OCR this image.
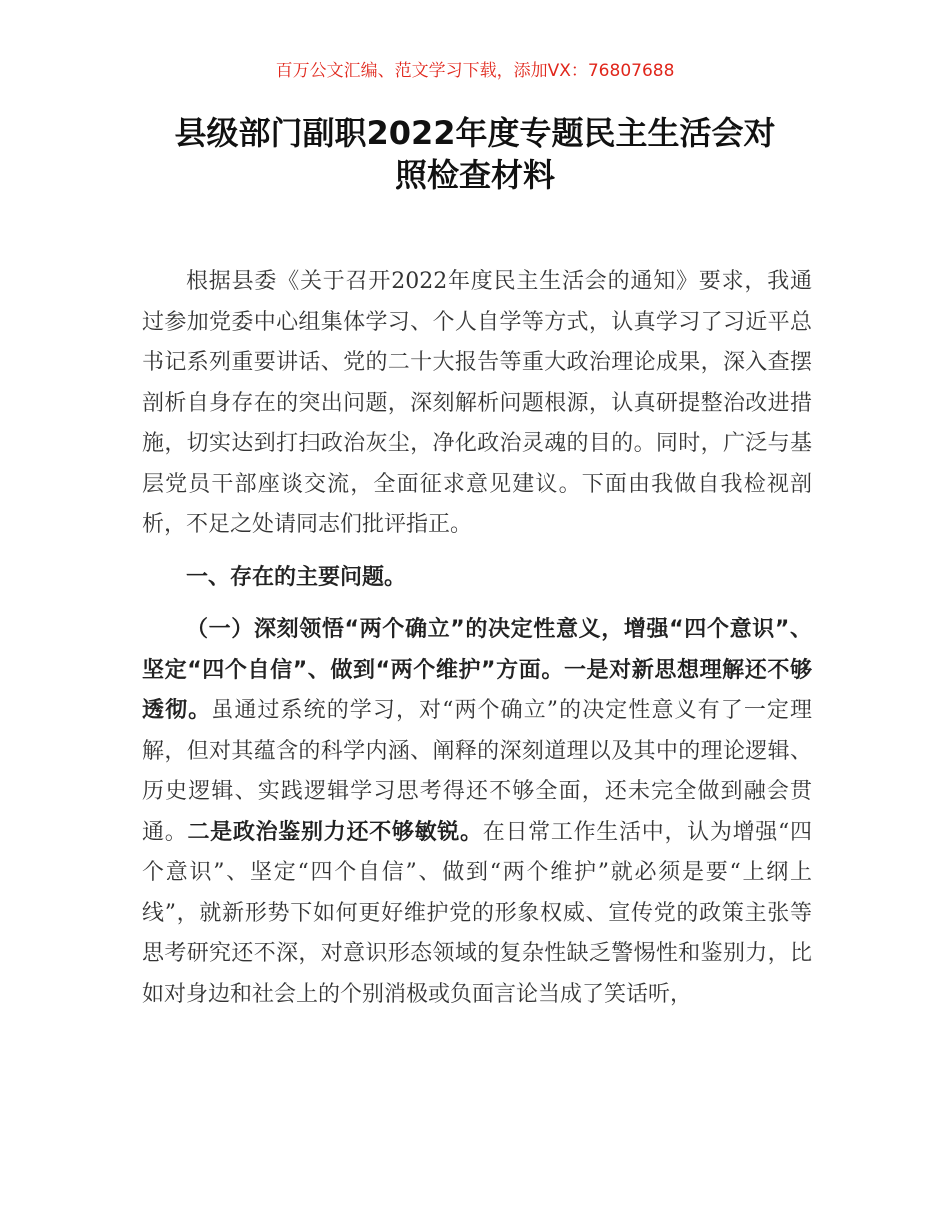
百万公文汇编、范文学习下载，添加VX：76807688
县级部门副职2022年度专题民主生活会对
照检查材料

根据县委《关于召开2022年度民主生活会的通知》要求，我通过参加党委中心组集体学习、个人自学等方式，认真学习了习近平总书记系列重要讲话、党的二十大报告等重大政治理论成果，深入查摆剖析自身存在的突出问题，深刻解析问题根源，认真研提整治改进措施，切实达到打扫政治灰尘，净化政治灵魂的目的。同时，广泛与基层党员干部座谈交流，全面征求意见建议。下面由我做自我检视剖析，不足之处请同志们批评指正。

一、存在的主要问题。

（一）深刻领悟“两个确立”的决定性意义，增强“四个意识”、坚定“四个自信”、做到“两个维护”方面。一是对新思想理解还不够透彻。虽通过系统的学习，对“两个确立”的决定性意义有了一定理解，但对其蕴含的科学内涵、阐释的深刻道理以及其中的理论逻辑、历史逻辑、实践逻辑学习思考得还不够全面，还未完全做到融会贯通。二是政治鉴别力还不够敏锐。在日常工作生活中，认为增强“四个意识”、坚定“四个自信”、做到“两个维护”就必须是要“上纲上线”，就新形势下如何更好维护党的形象权威、宣传党的政策主张等思考研究还不深，对意识形态领域的复杂性缺乏警惕性和鉴别力，比如对身边和社会上的个别消极或负面言论当成了笑话听，
